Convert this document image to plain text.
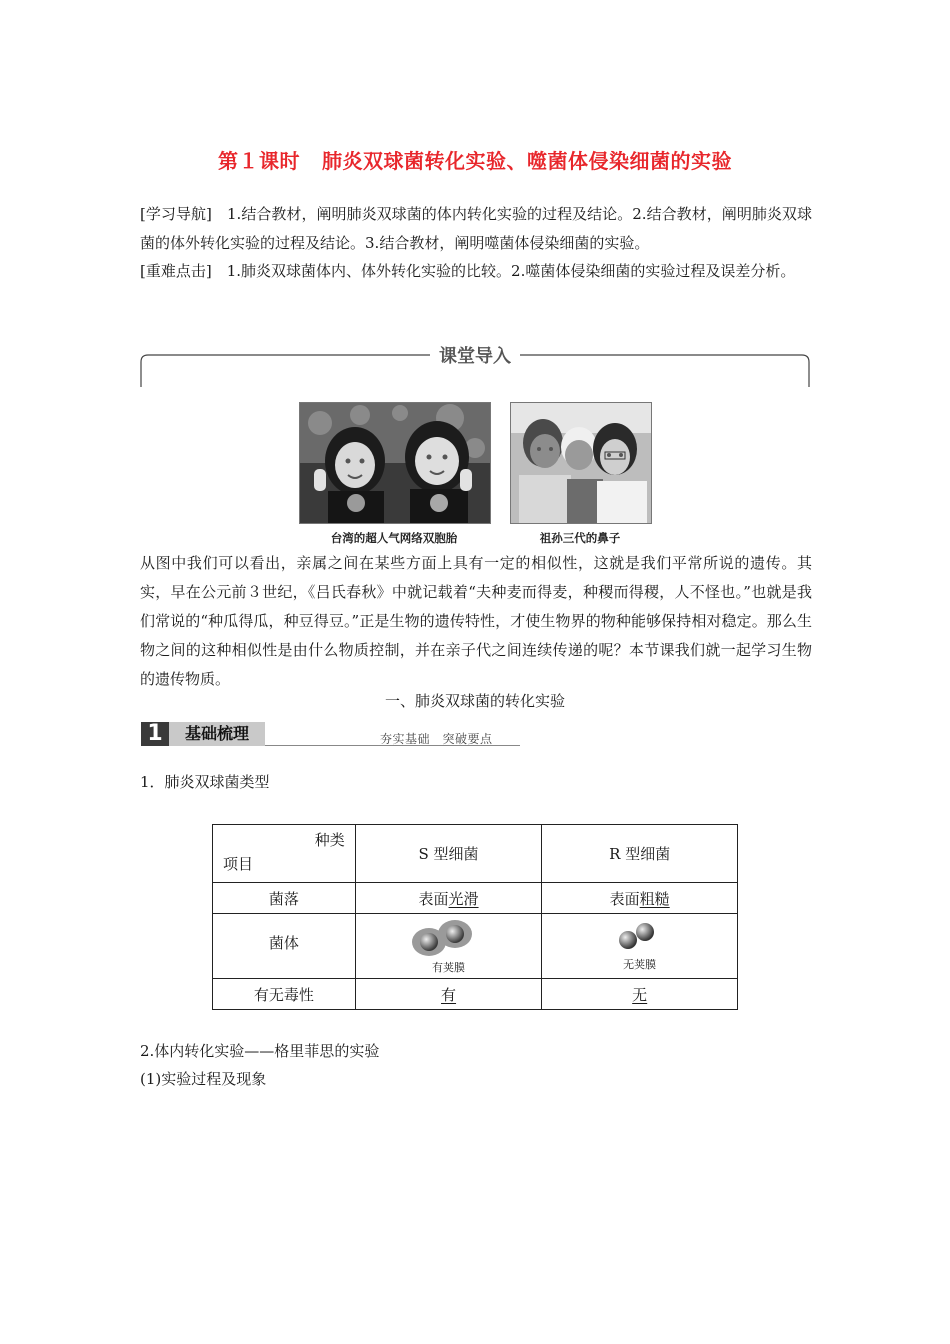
第１课时 肺炎双球菌转化实验、噬菌体侵染细菌的实验
[学习导航]　 1.结合教材，阐明肺炎双球菌的体内转化实验的过程及结论。2.结合教材，阐明肺炎双球菌的体外转化实验的过程及结论。3.结合教材，阐明噬菌体侵染细菌的实验。
[重难点击]　 1.肺炎双球菌体内、体外转化实验的比较。2.噬菌体侵染细菌的实验过程及误差分析。
课堂导入
台湾的超人气网络双胞胎	祖孙三代的鼻子
从图中我们可以看出，亲属之间在某些方面上具有一定的相似性，这就是我们平常所说的遗传。其实，早在公元前３世纪，《吕氏春秋》中就记载着“夫种麦而得麦，种稷而得稷，人不怪也。”也就是我们常说的“种瓜得瓜，种豆得豆。”正是生物的遗传特性，才使生物界的物种能够保持相对稳定。那么生物之间的这种相似性是由什么物质控制，并在亲子代之间连续传递的呢？本节课我们就一起学习生物的遗传物质。
一、肺炎双球菌的转化实验
1	基础梳理	夯实基础　突破要点
1．肺炎双球菌类型
种类
项目	S 型细菌	R 型细菌
菌落	表面光滑	表面粗糙
菌体	有荚膜	无荚膜

有无毒性	有	无
2.体内转化实验——格里菲思的实验
(1)实验过程及现象
